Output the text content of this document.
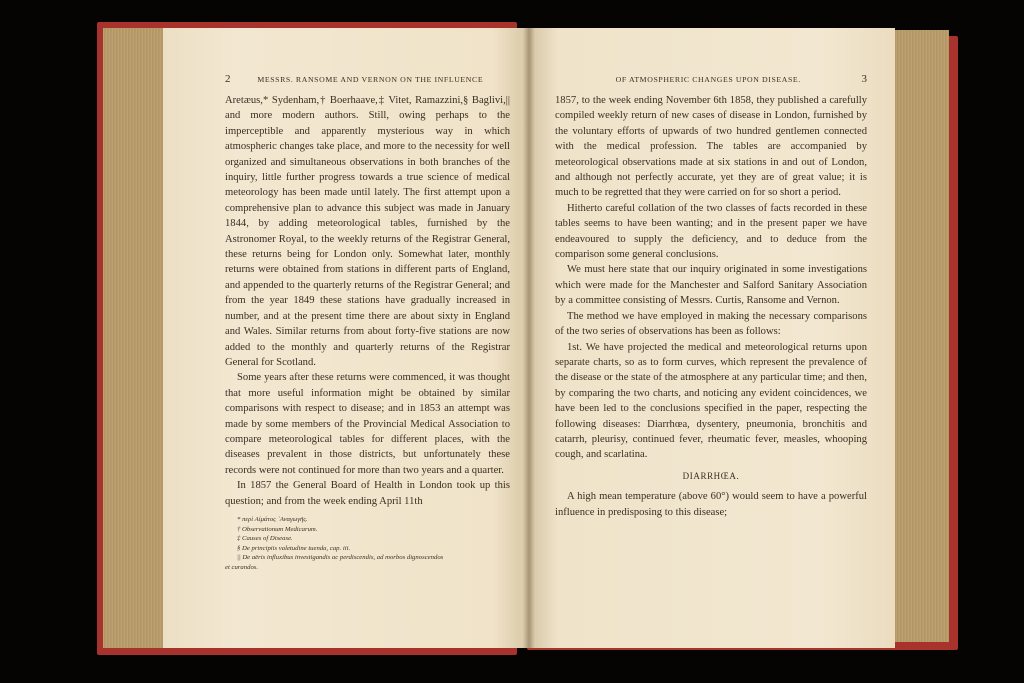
2	MESSRS. RANSOME AND VERNON ON THE INFLUENCE

Aretæus,* Sydenham,† Boerhaave,‡ Vitet, Ramazzini,§ Baglivi,|| and more modern authors. Still, owing perhaps to the imperceptible and apparently mysterious way in which atmospheric changes take place, and more to the necessity for well organized and simultaneous observations in both branches of the inquiry, little further progress towards a true science of medical meteorology has been made until lately. The first attempt upon a comprehensive plan to advance this subject was made in January 1844, by adding meteorological tables, furnished by the Astronomer Royal, to the weekly returns of the Registrar General, these returns being for London only. Somewhat later, monthly returns were obtained from stations in different parts of England, and appended to the quarterly returns of the Registrar General; and from the year 1849 these stations have gradually increased in number, and at the present time there are about sixty in England and Wales. Similar returns from about forty-five stations are now added to the monthly and quarterly returns of the Registrar General for Scotland.

Some years after these returns were commenced, it was thought that more useful information might be obtained by similar comparisons with respect to disease; and in 1853 an attempt was made by some members of the Provincial Medical Association to compare meteorological tables for different places, with the diseases prevalent in those districts, but unfortunately these records were not continued for more than two years and a quarter.

In 1857 the General Board of Health in London took up this question; and from the week ending April 11th

* περὶ Αἰμάτος ᾽Αναγωγῆς.
† Observationum Medicarum.
‡ Causes of Disease.
§ De principiis valetudine tuenda, cap. iii.
|| De aëris influxibus investigandis ac perdiscendis, ad morbos dignoscendos
et curandos.
OF ATMOSPHERIC CHANGES UPON DISEASE.	3

1857, to the week ending November 6th 1858, they published a carefully compiled weekly return of new cases of disease in London, furnished by the voluntary efforts of upwards of two hundred gentlemen connected with the medical profession. The tables are accompanied by meteorological observations made at six stations in and out of London, and although not perfectly accurate, yet they are of great value; it is much to be regretted that they were carried on for so short a period.

Hitherto careful collation of the two classes of facts recorded in these tables seems to have been wanting; and in the present paper we have endeavoured to supply the deficiency, and to deduce from the comparison some general conclusions.

We must here state that our inquiry originated in some investigations which were made for the Manchester and Salford Sanitary Association by a committee consisting of Messrs. Curtis, Ransome and Vernon.

The method we have employed in making the necessary comparisons of the two series of observations has been as follows:

1st. We have projected the medical and meteorological returns upon separate charts, so as to form curves, which represent the prevalence of the disease or the state of the atmosphere at any particular time; and then, by comparing the two charts, and noticing any evident coincidences, we have been led to the conclusions specified in the paper, respecting the following diseases: Diarrhœa, dysentery, pneumonia, bronchitis and catarrh, pleurisy, continued fever, rheumatic fever, measles, whooping cough, and scarlatina.

DIARRHŒA.

A high mean temperature (above 60°) would seem to have a powerful influence in predisposing to this disease;
